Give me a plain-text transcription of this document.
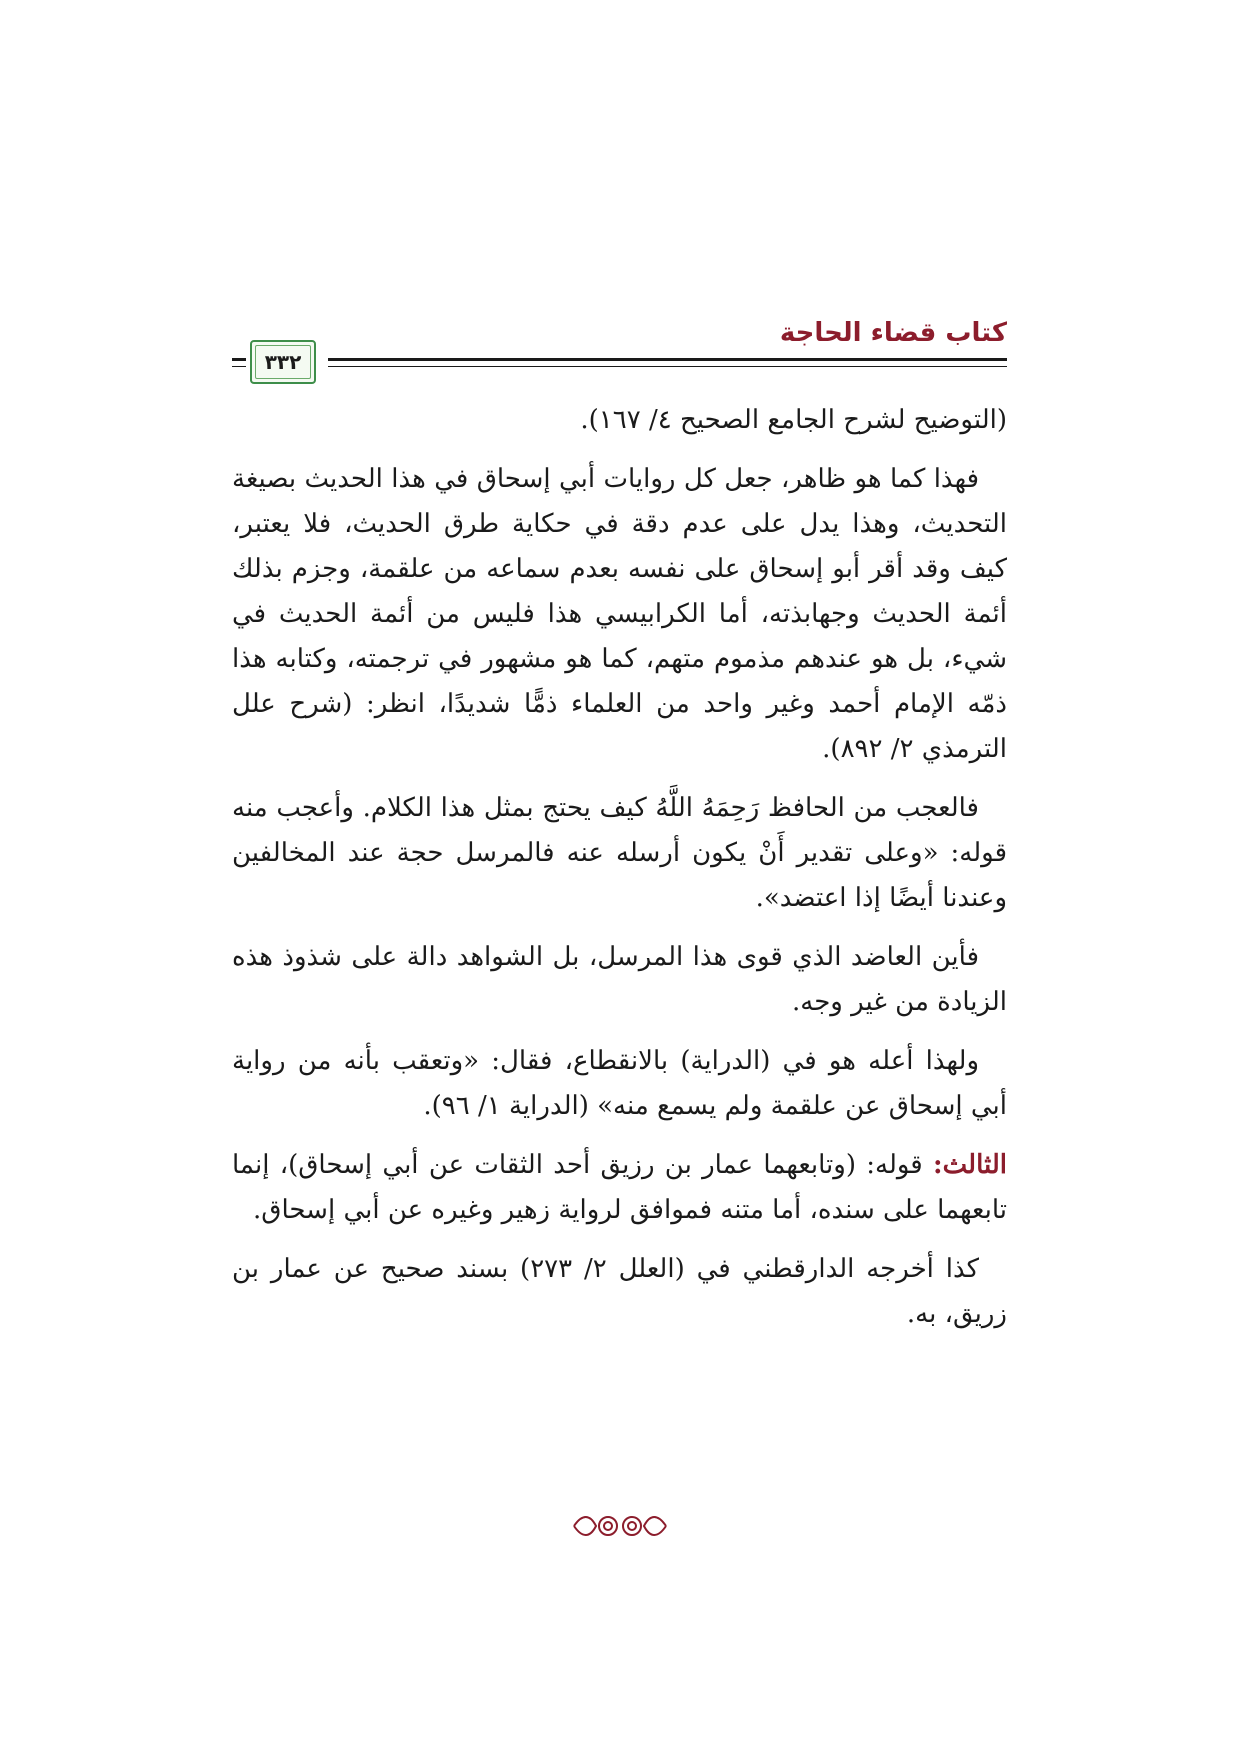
كتاب قضاء الحاجة
٣٣٢

(التوضيح لشرح الجامع الصحيح ٤/ ١٦٧).

فهذا كما هو ظاهر، جعل كل روايات أبي إسحاق في هذا الحديث بصيغة التحديث، وهذا يدل على عدم دقة في حكاية طرق الحديث، فلا يعتبر، كيف وقد أقر أبو إسحاق على نفسه بعدم سماعه من علقمة، وجزم بذلك أئمة الحديث وجهابذته، أما الكرابيسي هذا فليس من أئمة الحديث في شيء، بل هو عندهم مذموم متهم، كما هو مشهور في ترجمته، وكتابه هذا ذمّه الإمام أحمد وغير واحد من العلماء ذمًّا شديدًا، انظر: (شرح علل الترمذي ٢/ ٨٩٢).

فالعجب من الحافظ رَحِمَهُ اللَّهُ كيف يحتج بمثل هذا الكلام. وأعجب منه قوله: «وعلى تقدير أَنْ يكون أرسله عنه فالمرسل حجة عند المخالفين وعندنا أيضًا إذا اعتضد».

فأين العاضد الذي قوى هذا المرسل، بل الشواهد دالة على شذوذ هذه الزيادة من غير وجه.

ولهذا أعله هو في (الدراية) بالانقطاع، فقال: «وتعقب بأنه من رواية أبي إسحاق عن علقمة ولم يسمع منه» (الدراية ١/ ٩٦).

الثالث: قوله: (وتابعهما عمار بن رزيق أحد الثقات عن أبي إسحاق)، إنما تابعهما على سنده، أما متنه فموافق لرواية زهير وغيره عن أبي إسحاق.

كذا أخرجه الدارقطني في (العلل ٢/ ٢٧٣) بسند صحيح عن عمار بن زريق، به.
